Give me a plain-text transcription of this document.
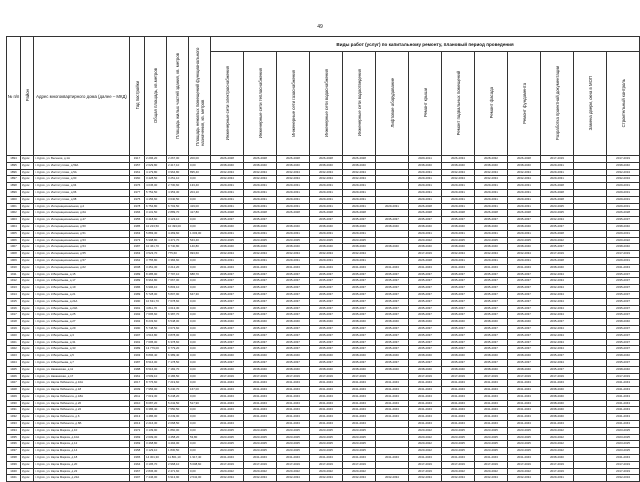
49
№ п/п	Район	Адрес многоквартирного дома (далее – МКД)	Год постройки	Общая площадь, кв.метров	Площадь жилых частей здания, кв. метров	Площадь нежилых помещений функционального назначения, кв. метров	Виды работ (услуг) по капитальному ремонту, плановый период проведения												
							Инженерные сети электроснабжения	Инженерные сети теплоснабжения	Инженерные сети газоснабжения	Инженерные сети водоснабжения	Инженерные сети водоотведения	Лифтовое оборудование	Ремонт крыши	Ремонт подвальных помещений	Ремонт фасада	Ремонт фундамента	Разработка проектной документации	Замена двери, окна в МОП	Строительный контроль
1894	Курск	г. Курск, ул. Весеняя, д.1А	1917	2 296,20	2 267,00	200,00	2026-2028	2026-2028	2026-2028	2026-2028	2026-2028		2029-2011	2026-2034	2028-2032	2026-2028	2017-2019		2017-2019
1895	Курск	г. Курск, ул. Институтская, д.59А	1957	2 629,80	2 417,10	0,00	2038-2040	2038-2040	2038-2040	2038-2040	2038-2040		2038-2040	2038-2040	2038-2040	2038-2040	2029-2031		2038-2040
1896	Курск	г. Курск, ул. Институтская, д.5А	1961	4 179,80	3 964,80	895,40	2032-2034	2032-2034	2032-2034	2032-2034	2032-2034		2029-2031	2032-2034	2032-2034	2032-2034	2029-2031		2032-2034
1897	Курск	г. Курск, ул. Институтская, д.60	1960	3 428,50	3 251,10	0,00	2032-2034	2032-2034	2032-2034	2032-2034	2032-2034		2029-2031	2032-2034	2032-2034	2032-2034	2029-2031		2032-2034
1898	Курск	г. Курск, ул. Институтская, д.64	1976	4 045,00	2 730,60	133,40	2029-2031	2029-2031	2029-2031	2029-2031	2029-2031		2029-2031	2029-2031	2029-2031	2029-2031	2026-2028		2029-2031
1899	Курск	г. Курск, ул. Институтская, д.66	1977	5 752,50	4 353,30	204,10	2029-2031	2029-2031	2029-2031	2029-2031	2029-2031		2029-2031	2029-2031	2029-2031	2029-2031	2026-2028		2029-2031
1900	Курск	г. Курск, ул. Институтская, д.68	1975	4 156,60	3 640,50	0,00	2029-2031	2029-2031	2029-2031	2029-2031	2029-2031		2029-2031	2029-2031	2029-2031	2029-2031	2026-2028		2029-2031
1901	Курск	г. Курск, ул. Интернациональная, д.2	1978	6 754,80	6 702,50	419,00	2029-2031	2029-2031	2029-2031	2029-2031	2029-2031	2029-2031	2026-2028	2029-2031	2029-2031	2029-2031	2023-2025		2029-2031
1902	Курск	г. Курск, ул. Интернациональная, д.6А	1966	3 131,50	2 889,70	417,80	2026-2028	2026-2028	2026-2028	2026-2028	2026-2028		2026-2028	2026-2028	2026-2028	2026-2028	2023-2025		2026-2028
1903	Курск	г. Курск, ул. Интернациональная, д.47	1955	3 418,60	3 123,10	0,00	2035-2037	2035-2037		2035-2037	2035-2037	2035-2037	2035-2037	2035-2037	2035-2037	2035-2037	2032-2034		2035-2037
1904	Курск	г. Курск, ул. Интернациональная, д.50	1985	10 223,50	10 493,00	0,00	2038-2040	2038-2040	2038-2040	2038-2040	2038-2040	2038-2040	2038-2040	2038-2040	2038-2040	2038-2040	2035-2037		2038-2040
1905	Курск	г. Курск, ул. Интернациональная, д.51	1963	5 883,30	4 469,60	1 003,00	2029-2031	2029-2031	2029-2031	2029-2031	2029-2031		2029-2031	2029-2031	2029-2031	2029-2031	2026-2028		2029-2031
1906	Курск	г. Курск, ул. Интернациональная, д.53	1973	5 998,80	4 471,70	543,40	2023-2025	2023-2025	2023-2025	2023-2025	2023-2025		2020-2022	2023-2025	2023-2025	2023-2025	2020-2022		2020-2022
1907	Курск	г. Курск, ул. Интернациональная, д.54	1987	10 461,70	9 740,80	140,80	2038-2040	2038-2040	2038-2040	2038-2040	2038-2040	2038-2040	2038-2040	2038-2040	2038-2040	2038-2040	2035-2037		2038-2040
1908	Курск	г. Курск, ул. Интернациональная, д.55	1963	3 523,70	775,60	993,60	2032-2034	2032-2034	2032-2034	2032-2034	2032-2034		2017-2019	2032-2034	2032-2034	2032-2034	2017-2019		2017-2019
1909	Курск	г. Курск, ул. Интернациональная, д.57	1962	3 755,80	3 384,60	0,00	2029-2031	2029-2031	2029-2031	2029-2031	2029-2031		2026-2028	2029-2031	2029-2031	2029-2031	2026-2028		2029-2031
1910	Курск	г. Курск, ул. Интернациональная, д.62	2008	3 451,30	3 212,20	0,00	2041-2043	2041-2043	2041-2043	2041-2043	2041-2043	2041-2043	2041-2043	2041-2043	2041-2043	2041-2043	2038-2040		2041-2043
1911	Курск	г. Курск, ул. К.Воробьева, д.15	1989	8 485,90	7 797,10	688,70	2035-2037	2035-2037	2035-2037	2035-2037	2035-2037	2035-2037	2035-2037	2035-2037	2035-2037	2035-2037	2032-2034		2035-2037
1912	Курск	г. Курск, ул. К.Воробьева, д.17	1989	8 964,80	7 667,00	0,00	2035-2037	2035-2037	2035-2037	2035-2037	2035-2037	2035-2037	2035-2037	2035-2037	2035-2037	2035-2037	2032-2034		2035-2037
1913	Курск	г. Курск, ул. К.Воробьева, д.19	1986	6 996,10	5 803,10	0,00	2035-2037	2035-2037	2035-2037	2035-2037	2035-2037	2035-2037	2035-2037	2035-2037	2035-2037	2035-2037	2032-2034		2035-2037
1914	Курск	г. Курск, ул. К.Воробьева, д.21	1989	5 728,00	5 807,90	647,30	2035-2037	2035-2037	2035-2037	2035-2037	2035-2037	2035-2037	2035-2037	2035-2037	2035-2037	2035-2037	2032-2034		2035-2037
1915	Курск	г. Курск, ул. К.Воробьева, д.21А	1990	10 631,70	7 678,60	0,00	2035-2037	2035-2037	2035-2037	2035-2037	2035-2037	2035-2037	2035-2037	2035-2037	2035-2037	2035-2037	2032-2034		2035-2037
1916	Курск	г. Курск, ул. К.Воробьева, д.23А	1991	4 811,70	4 013,30	0,00	2035-2037	2035-2037	2035-2037	2035-2037	2035-2037	2035-2037	2035-2037	2035-2037	2035-2037	2035-2037	2032-2034		2035-2037
1917	Курск	г. Курск, ул. К.Воробьева, д.25	1992	7 695,60	6 387,70	0,00	2035-2037	2035-2037	2035-2037	2035-2037	2035-2037	2035-2037	2035-2037	2035-2037	2035-2037	2035-2037	2032-2034		2035-2037
1918	Курск	г. Курск, ул. К.Воробьева, д.27	1992	8 233,60	6 548,00	0,00	2038-2040	2038-2040	2038-2040	2038-2040	2038-2040	2038-2040	2038-2040	2038-2040	2038-2040	2038-2040	2035-2037		2038-2040
1919	Курск	г. Курск, ул. К.Воробьева, д.29	1990	5 748,50	3 673,60	0,00	2035-2037	2035-2037	2035-2037	2035-2037	2035-2037	2035-2037	2035-2037	2035-2037	2035-2037	2035-2037	2032-2034		2035-2037
1920	Курск	г. Курск, ул. К.Воробьева, д.3	1997	4 516,80	3 878,00	0,00	2035-2037	2035-2037	2035-2037	2035-2037	2035-2037	2035-2037	2035-2037	2035-2037	2035-2037	2035-2037	2032-2034		2035-2037
1921	Курск	г. Курск, ул. К.Воробьева, д.31	1991	7 695,00	6 378,60	0,00	2035-2037	2035-2037	2035-2037	2035-2037	2035-2037	2035-2037	2035-2037	2035-2037	2035-2037	2035-2037	2032-2034		2035-2037
1922	Курск	г. Курск, ул. К.Воробьева, д.33	1989	13 779,00	9 779,20	0,00	2035-2037	2035-2037	2035-2037	2035-2037	2035-2037	2035-2037	2035-2037	2035-2037	2035-2037	2035-2037	2032-2034		2035-2037
1923	Курск	г. Курск, ул. К.Воробьева, д.5	1993	8 896,40	6 389,40	0,00	2038-2040	2038-2040	2038-2040	2038-2040	2038-2040	2038-2040	2038-2040	2038-2040	2038-2040	2038-2040	2035-2037		2038-2040
1924	Курск	г. Курск, ул. К.Воробьева, д.7	1987	8 516,00	7 178,50	0,00	2035-2037	2035-2037	2035-2037	2035-2037	2035-2037	2035-2037	2035-2037	2035-2037	2035-2037	2035-2037	2032-2034		2035-2037
1925	Курск	г. Курск, ул. Кавказская, д.11	1988	8 516,00	7 182,70	0,00	2038-2040	2038-2040	2038-2040	2038-2040	2038-2040	2038-2040	2038-2040	2038-2040	2038-2040	2038-2040	2035-2037		2038-2040
1926	Курск	г. Курск, ул. Кавказская, д.17	1961	3 509,10	3 186,50	0,00	2017-2019	2017-2019	2017-2019	2017-2019	2017-2019		2017-2019	2017-2019	2017-2019	2017-2019	2017-2019		2017-2019
1927	Курск	г. Курск, ул. Карла Либкнехта, д.10А	2017	8 776,60	7 219,60	0,00	2041-2043	2041-2043	2041-2043	2041-2043	2041-2043	2041-2043	2041-2043	2041-2043	2041-2043	2041-2043	2041-2043		2041-2043
1928	Курск	г. Курск, ул. Карла Либкнехта, д.18	2009	7 956,00	5 240,70	167,00	2041-2043	2041-2043	2041-2043	2041-2043	2041-2043	2041-2043	2041-2043	2041-2043	2041-2043	2041-2043	2038-2040		2041-2043
1929	Курск	г. Курск, ул. Карла Либкнехта, д.18А	2011	7 019,30	5 248,20	0,00	2041-2043	2041-2043	2041-2043	2041-2043	2041-2043	2041-2043	2041-2043	2041-2043	2041-2043	2041-2043	2038-2040		2041-2043
1930	Курск	г. Курск, ул. Карла Либкнехта, д.20	2010	8 087,20	5 242,50	517,90	2041-2043	2041-2043	2041-2043	2041-2043	2041-2043	2041-2043	2041-2043	2041-2043	2041-2043	2041-2043	2038-2040		2041-2043
1931	Курск	г. Курск, ул. Карла Либкнехта, д.22	2009	9 386,40	7 550,50	0,00	2041-2043	2041-2043	2041-2043	2041-2043	2041-2043	2041-2043	2041-2043	2041-2043	2041-2043	2041-2043	2038-2040		2041-2043
1932	Курск	г. Курск, ул. Карла Либкнехта, д.6	2013	4 486,00	3 249,00	0,00	2041-2043	2041-2043	2041-2043	2041-2043	2041-2043	2041-2043	2041-2043	2041-2043	2041-2043	2041-2043	2038-2040		2041-2043
1933	Курск	г. Курск, ул. Карла Либкнехта, д.6Б	2013	2 216,30	2 068,50	0,00	2041-2043		2041-2043	2041-2043	2041-2043		2041-2043	2041-2043	2041-2043	2041-2043	2041-2043		2041-2043
1934	Курск	г. Курск, ул. Карла Маркса, д.10	1972	3 139,90	1 860,00	0,00	2023-2025	2023-2025	2023-2025	2023-2025	2023-2025		2020-2022	2023-2025	2023-2025	2023-2025	2020-2022		2023-2025
1935	Курск	г. Курск, ул. Карла Маркса, д.10А	1969	2 609,30	4 458,20	53,80	2023-2025	2023-2025	2023-2025	2023-2025	2023-2025		2020-2022	2023-2025	2023-2025	2023-2025	2020-2022		2023-2025
1936	Курск	г. Курск, ул. Карла Маркса, д.12	1969	3 468,80	4 494,00	0,00	2023-2025	2023-2025	2023-2025	2023-2025	2023-2025		2020-2022	2023-2025	2023-2025	2023-2025	2020-2022		2023-2025
1937	Курск	г. Курск, ул. Карла Маркса, д.14	1958	3 129,10	1 830,50	0,00	2023-2025	2023-2025	2023-2025	2023-2025	2023-2025		2020-2022	2023-2025	2023-2025	2023-2025	2020-2022		2023-2025
1938	Курск	г. Курск, ул. Карла Маркса, д.18	1965	14 301,30	11 861,10	1 917,40	2041-2043	2041-2043	2041-2043	2041-2043	2041-2043	2041-2043	2041-2043	2041-2043	2041-2043	2041-2043	2038-2040		2041-2043
1939	Курск	г. Курск, ул. Карла Маркса, д.20	1964	3 195,70	2 968,10	5 008,60	2017-2019	2017-2019	2017-2019	2017-2019	2017-2019		2017-2019	2017-2019	2017-2019	2017-2019	2017-2019		2017-2019
1940	Курск	г. Курск, ул. Карла Маркса, д.22	1967	2 836,30	2 471,60	0,00	2020-2022	2020-2022	2020-2022	2020-2022	2020-2022		2017-2019	2020-2022	2020-2022	2020-2022	2017-2019		2017-2019
1941	Курск	г. Курск, ул. Карла Маркса, д.22А	1997	7 446,00	6 913,90	2 542,00	2032-2034	2032-2034	2032-2034	2032-2034	2032-2034	2032-2034	2032-2034	2032-2034	2032-2034	2032-2034	2029-2031		2032-2034
